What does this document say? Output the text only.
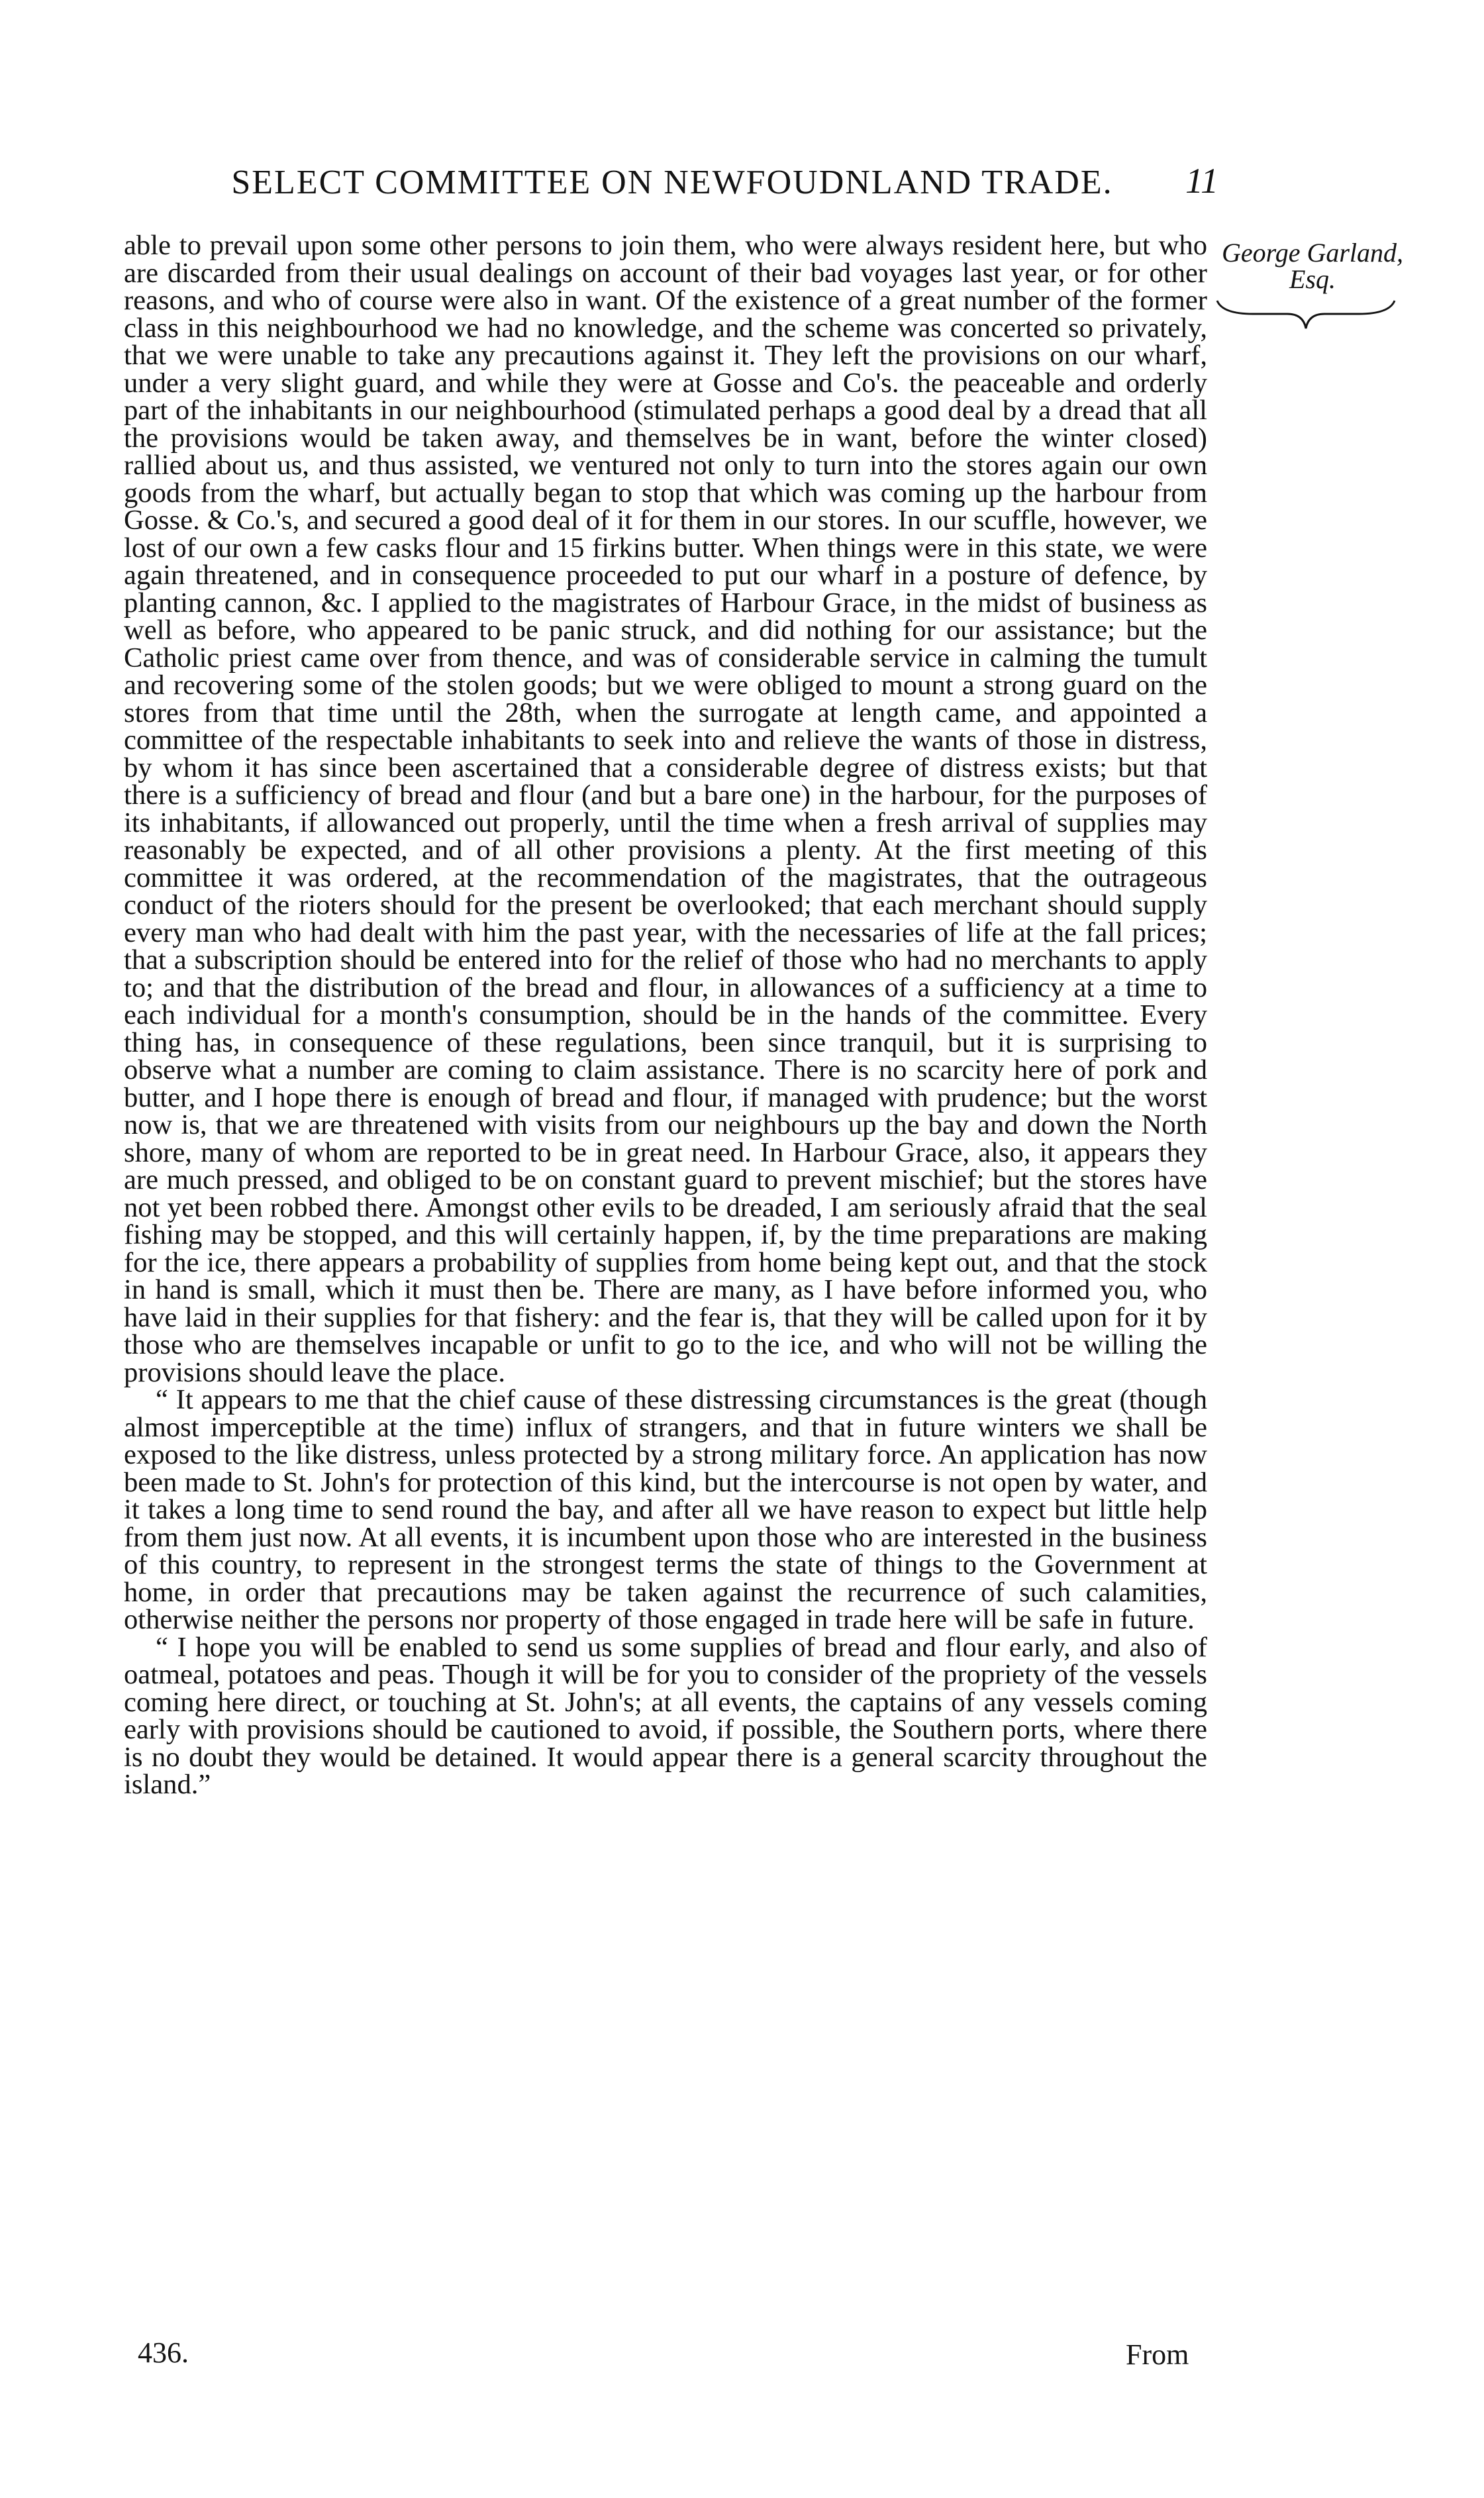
SELECT COMMITTEE ON NEWFOUDNLAND TRADE.	11
George Garland,
Esq.

able to prevail upon some other persons to join them, who were always resident here, but who are discarded from their usual dealings on account of their bad voyages last year, or for other reasons, and who of course were also in want. Of the existence of a great number of the former class in this neighbourhood we had no knowledge, and the scheme was concerted so privately, that we were unable to take any precautions against it. They left the provisions on our wharf, under a very slight guard, and while they were at Gosse and Co's. the peaceable and orderly part of the inhabitants in our neighbourhood (stimulated perhaps a good deal by a dread that all the provisions would be taken away, and themselves be in want, before the winter closed) rallied about us, and thus assisted, we ventured not only to turn into the stores again our own goods from the wharf, but actually began to stop that which was coming up the harbour from Gosse. & Co.'s, and secured a good deal of it for them in our stores. In our scuffle, however, we lost of our own a few casks flour and 15 firkins butter. When things were in this state, we were again threatened, and in consequence proceeded to put our wharf in a posture of defence, by planting cannon, &c. I applied to the magistrates of Harbour Grace, in the midst of business as well as before, who appeared to be panic struck, and did nothing for our assistance; but the Catholic priest came over from thence, and was of considerable service in calming the tumult and recovering some of the stolen goods; but we were obliged to mount a strong guard on the stores from that time until the 28th, when the surrogate at length came, and appointed a committee of the respectable inhabitants to seek into and relieve the wants of those in distress, by whom it has since been ascertained that a considerable degree of distress exists; but that there is a sufficiency of bread and flour (and but a bare one) in the harbour, for the purposes of its inhabitants, if allowanced out properly, until the time when a fresh arrival of supplies may reasonably be expected, and of all other provisions a plenty. At the first meeting of this committee it was ordered, at the recommendation of the magistrates, that the outrageous conduct of the rioters should for the present be overlooked; that each merchant should supply every man who had dealt with him the past year, with the necessaries of life at the fall prices; that a subscription should be entered into for the relief of those who had no merchants to apply to; and that the distribution of the bread and flour, in allowances of a sufficiency at a time to each individual for a month's consumption, should be in the hands of the committee. Every thing has, in consequence of these regulations, been since tranquil, but it is surprising to observe what a number are coming to claim assistance. There is no scarcity here of pork and butter, and I hope there is enough of bread and flour, if managed with prudence; but the worst now is, that we are threatened with visits from our neighbours up the bay and down the North shore, many of whom are reported to be in great need. In Harbour Grace, also, it appears they are much pressed, and obliged to be on constant guard to prevent mischief; but the stores have not yet been robbed there. Amongst other evils to be dreaded, I am seriously afraid that the seal fishing may be stopped, and this will certainly happen, if, by the time preparations are making for the ice, there appears a probability of supplies from home being kept out, and that the stock in hand is small, which it must then be. There are many, as I have before informed you, who have laid in their supplies for that fishery: and the fear is, that they will be called upon for it by those who are themselves incapable or unfit to go to the ice, and who will not be willing the provisions should leave the place.

“ It appears to me that the chief cause of these distressing circumstances is the great (though almost imperceptible at the time) influx of strangers, and that in future winters we shall be exposed to the like distress, unless protected by a strong military force. An application has now been made to St. John's for protection of this kind, but the intercourse is not open by water, and it takes a long time to send round the bay, and after all we have reason to expect but little help from them just now. At all events, it is incumbent upon those who are interested in the business of this country, to represent in the strongest terms the state of things to the Government at home, in order that precautions may be taken against the recurrence of such calamities, otherwise neither the persons nor property of those engaged in trade here will be safe in future.

“ I hope you will be enabled to send us some supplies of bread and flour early, and also of oatmeal, potatoes and peas. Though it will be for you to consider of the propriety of the vessels coming here direct, or touching at St. John's; at all events, the captains of any vessels coming early with provisions should be cautioned to avoid, if possible, the Southern ports, where there is no doubt they would be detained. It would appear there is a general scarcity throughout the island.”

436.	From
